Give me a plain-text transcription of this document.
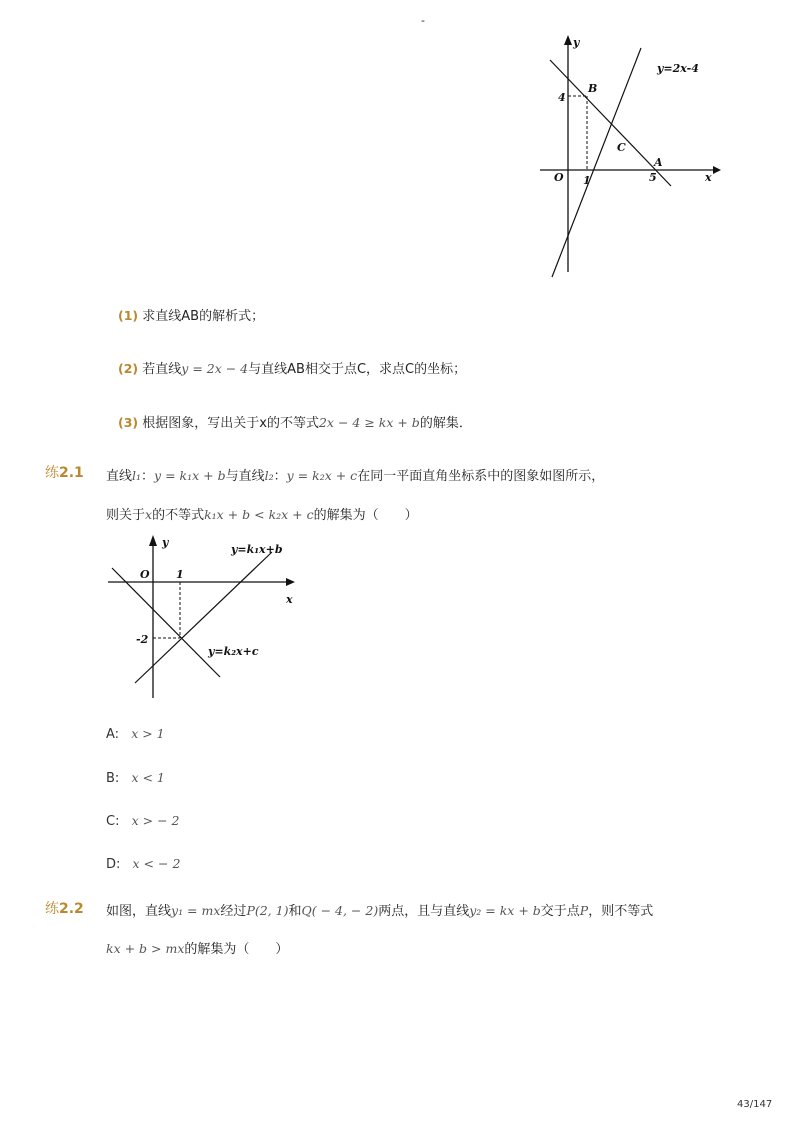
-
y
x
O
B
C
A
4
1	5
y=2x-4
(1) 求直线AB的解析式；
(2) 若直线y = 2x − 4与直线AB相交于点C，求点C的坐标；
(3) 根据图象，写出关于x的不等式2x − 4 ≥ kx + b的解集．
练2.1 直线l₁：y = k₁x + b与直线l₂：y = k₂x + c在同一平面直角坐标系中的图象如图所示，
则关于x的不等式k₁x + b < k₂x + c的解集为（　　）
y
x
O 1
-2
y=k₁x+b
y=k₂x+c
A: x > 1
B: x < 1
C: x > − 2
D: x < − 2
练2.2 如图，直线y₁ = mx经过P(2, 1)和Q( − 4, − 2)两点，且与直线y₂ = kx + b交于点P，则不等式
kx + b > mx的解集为（　　）
43/147
